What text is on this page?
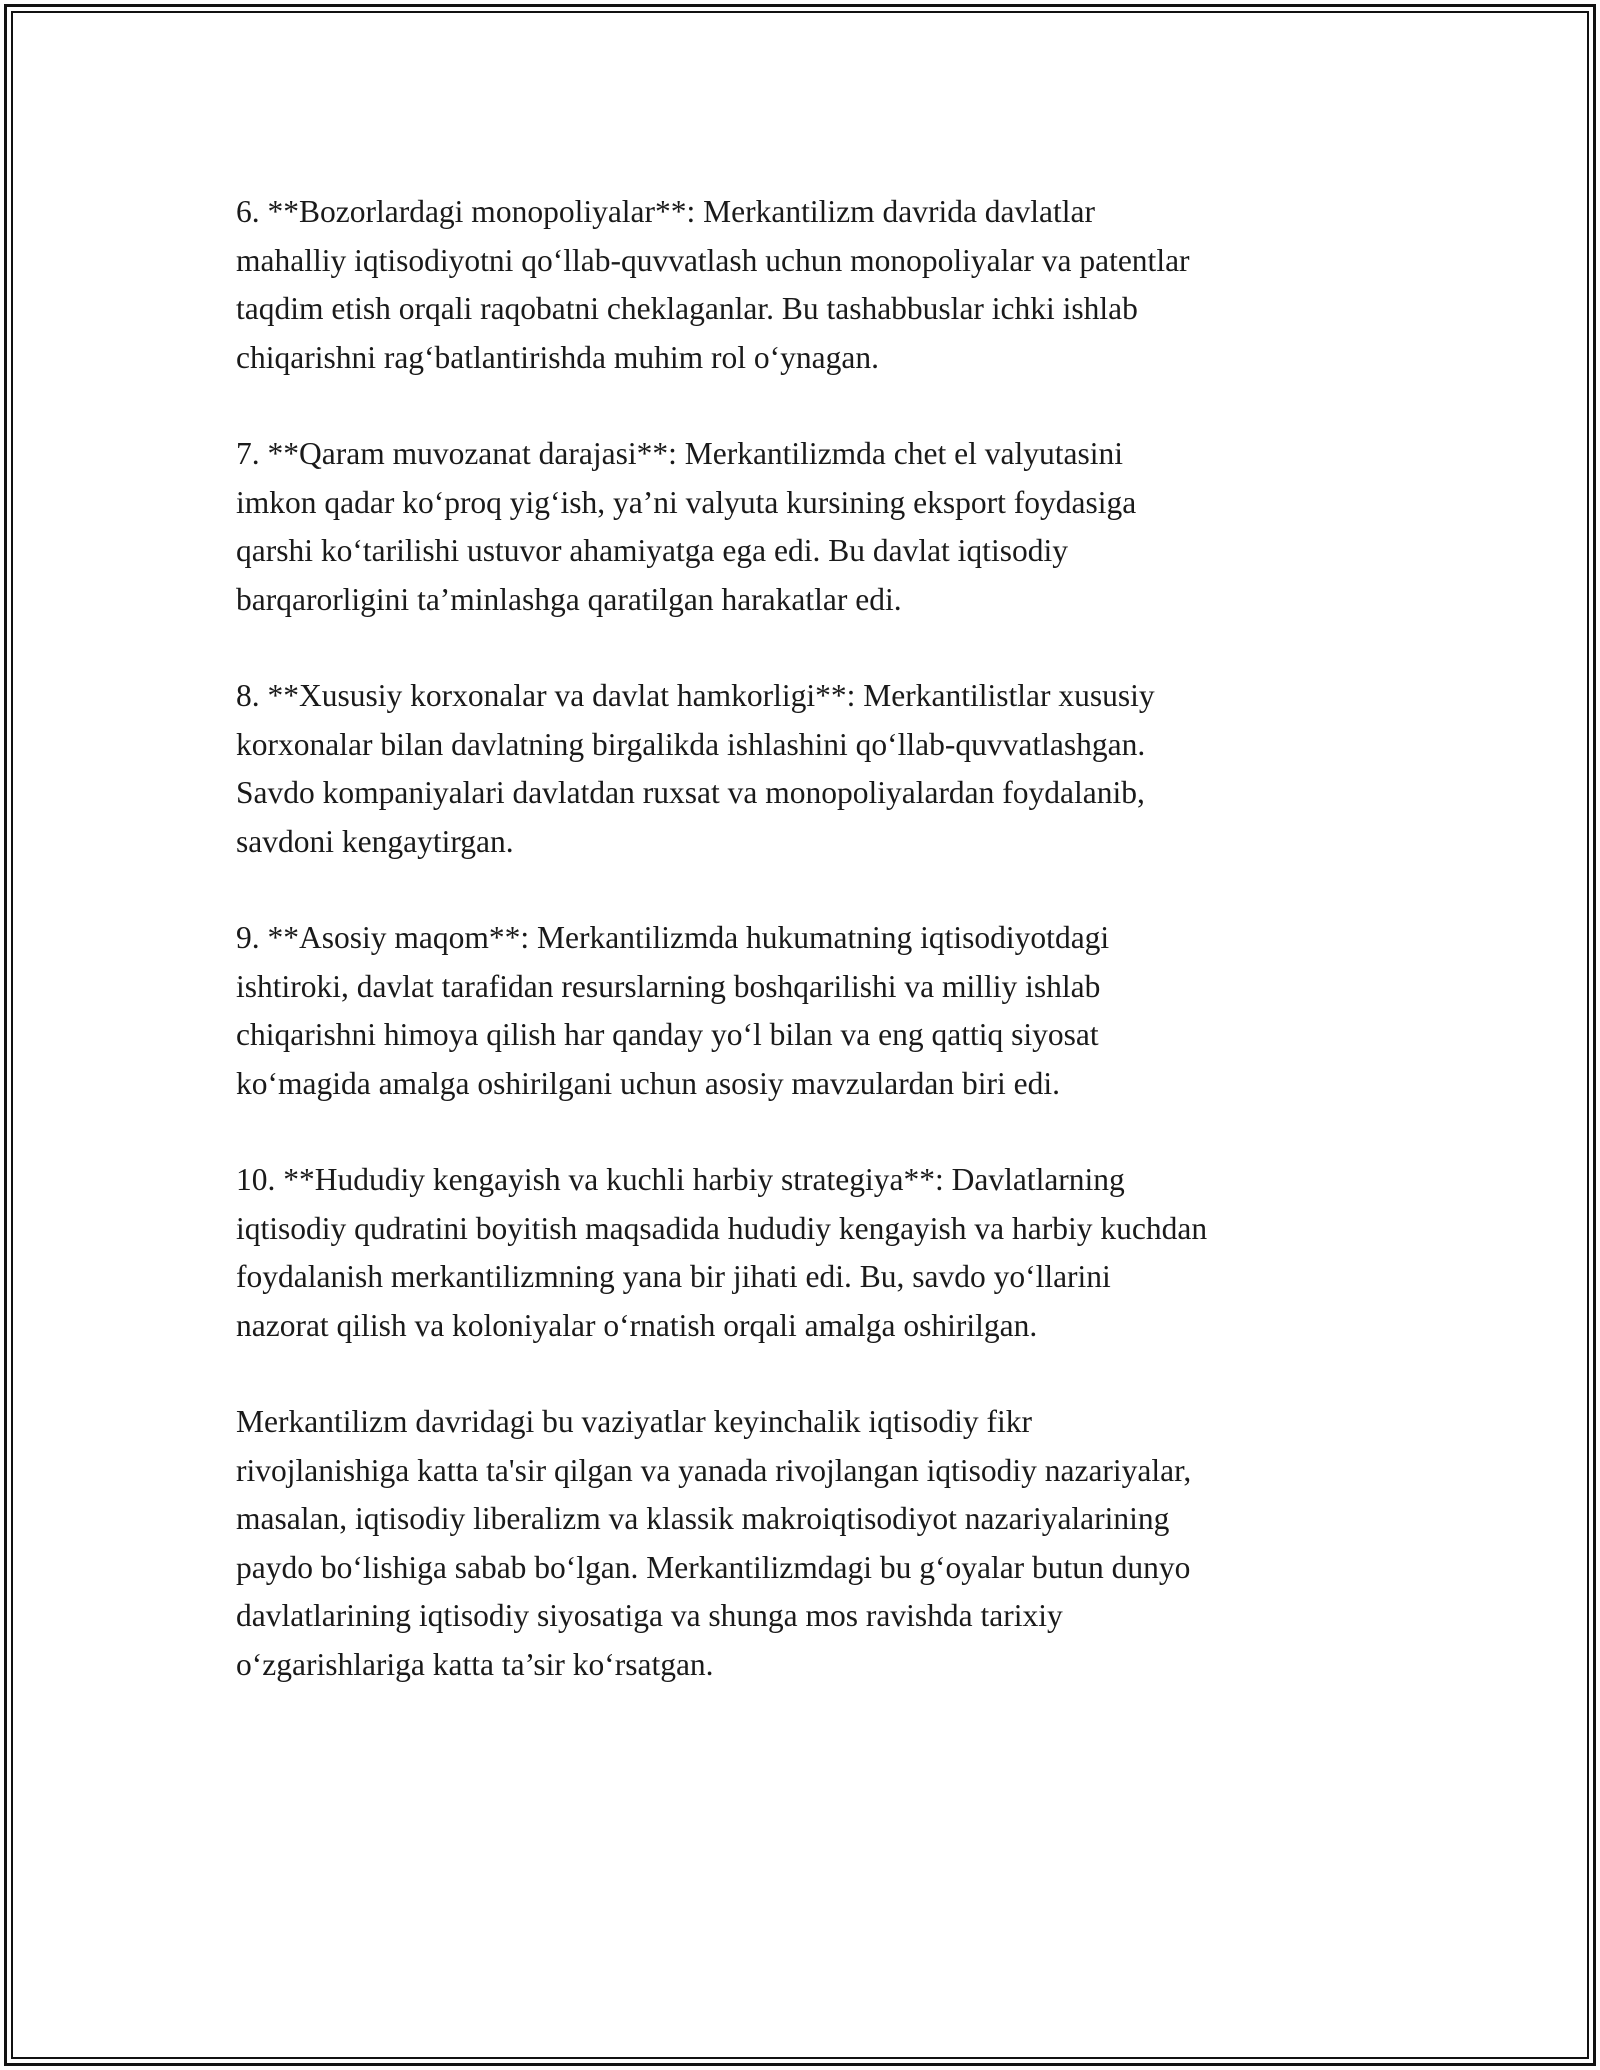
6. **Bozorlardagi monopoliyalar**: Merkantilizm davrida davlatlar
mahalliy iqtisodiyotni qo‘llab-quvvatlash uchun monopoliyalar va patentlar
taqdim etish orqali raqobatni cheklaganlar. Bu tashabbuslar ichki ishlab
chiqarishni rag‘batlantirishda muhim rol o‘ynagan.

7. **Qaram muvozanat darajasi**: Merkantilizmda chet el valyutasini
imkon qadar ko‘proq yig‘ish, ya’ni valyuta kursining eksport foydasiga
qarshi ko‘tarilishi ustuvor ahamiyatga ega edi. Bu davlat iqtisodiy
barqarorligini ta’minlashga qaratilgan harakatlar edi.

8. **Xususiy korxonalar va davlat hamkorligi**: Merkantilistlar xususiy
korxonalar bilan davlatning birgalikda ishlashini qo‘llab-quvvatlashgan.
Savdo kompaniyalari davlatdan ruxsat va monopoliyalardan foydalanib,
savdoni kengaytirgan.

9. **Asosiy maqom**: Merkantilizmda hukumatning iqtisodiyotdagi
ishtiroki, davlat tarafidan resurslarning boshqarilishi va milliy ishlab
chiqarishni himoya qilish har qanday yo‘l bilan va eng qattiq siyosat
ko‘magida amalga oshirilgani uchun asosiy mavzulardan biri edi.

10. **Hududiy kengayish va kuchli harbiy strategiya**: Davlatlarning
iqtisodiy qudratini boyitish maqsadida hududiy kengayish va harbiy kuchdan
foydalanish merkantilizmning yana bir jihati edi. Bu, savdo yo‘llarini
nazorat qilish va koloniyalar o‘rnatish orqali amalga oshirilgan.

Merkantilizm davridagi bu vaziyatlar keyinchalik iqtisodiy fikr
rivojlanishiga katta ta'sir qilgan va yanada rivojlangan iqtisodiy nazariyalar,
masalan, iqtisodiy liberalizm va klassik makroiqtisodiyot nazariyalarining
paydo bo‘lishiga sabab bo‘lgan. Merkantilizmdagi bu g‘oyalar butun dunyo
davlatlarining iqtisodiy siyosatiga va shunga mos ravishda tarixiy
o‘zgarishlariga katta ta’sir ko‘rsatgan.
